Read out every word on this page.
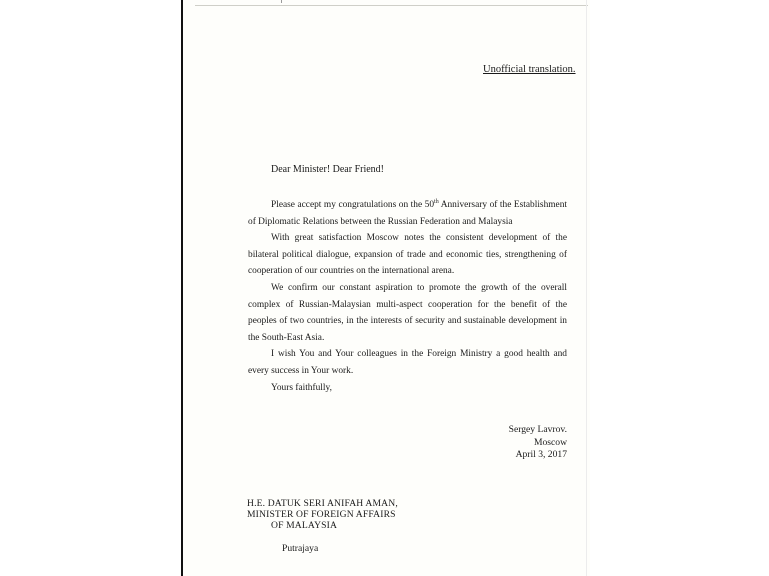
Unofficial translation.
Dear Minister! Dear Friend!

Please accept my congratulations on the 50th Anniversary of the Establishment of Diplomatic Relations between the Russian Federation and Malaysia

With great satisfaction Moscow notes the consistent development of the bilateral political dialogue, expansion of trade and economic ties, strengthening of cooperation of our countries on the international arena.

We confirm our constant aspiration to promote the growth of the overall complex of Russian-Malaysian multi-aspect cooperation for the benefit of the peoples of two countries, in the interests of security and sustainable development in the South-East Asia.

I wish You and Your colleagues in the Foreign Ministry a good health and every success in Your work.

Yours faithfully,

Sergey Lavrov.
Moscow
April 3, 2017
H.E. DATUK SERI ANIFAH AMAN,
MINISTER OF FOREIGN AFFAIRS
OF MALAYSIA
Putrajaya
